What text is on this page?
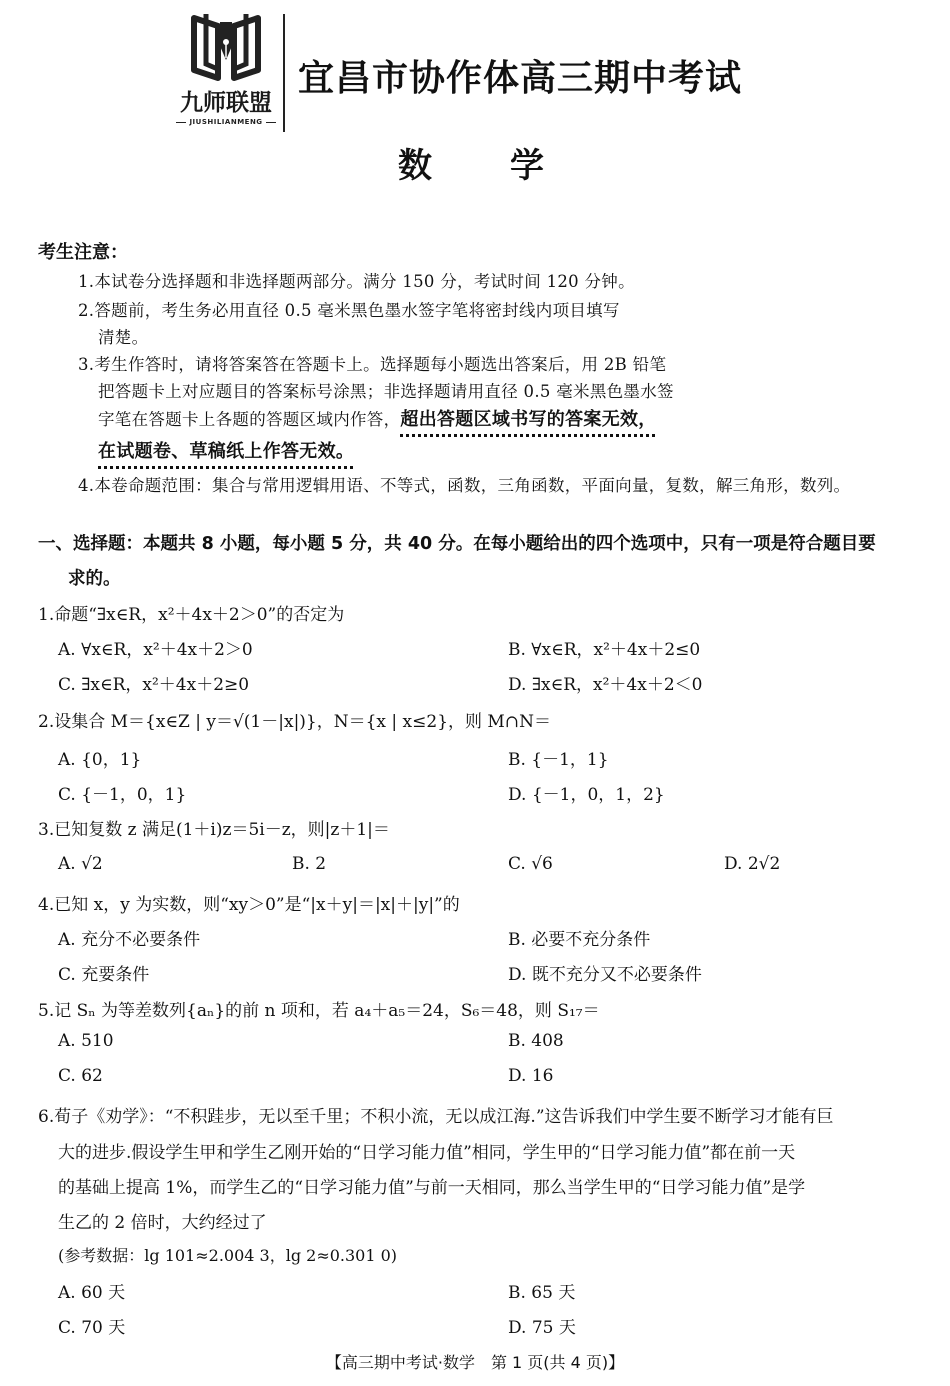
九师联盟
JIUSHILIANMENG
宜昌市协作体高三期中考试
数 学
考生注意：
1.本试卷分选择题和非选择题两部分。满分 150 分，考试时间 120 分钟。
2.答题前，考生务必用直径 0.5 毫米黑色墨水签字笔将密封线内项目填写
清楚。
3.考生作答时，请将答案答在答题卡上。选择题每小题选出答案后，用 2B 铅笔
把答题卡上对应题目的答案标号涂黑；非选择题请用直径 0.5 毫米黑色墨水签
字笔在答题卡上各题的答题区域内作答，超出答题区域书写的答案无效，
在试题卷、草稿纸上作答无效。
4.本卷命题范围：集合与常用逻辑用语、不等式，函数，三角函数，平面向量，复数，解三角形，数列。
一、选择题：本题共 8 小题，每小题 5 分，共 40 分。在每小题给出的四个选项中，只有一项是符合题目要
求的。
1.命题“∃x∈R，x²＋4x＋2＞0”的否定为
A. ∀x∈R，x²＋4x＋2＞0	B. ∀x∈R，x²＋4x＋2≤0
C. ∃x∈R，x²＋4x＋2≥0	D. ∃x∈R，x²＋4x＋2＜0
2.设集合 M＝{x∈Z | y＝√(1－|x|)}，N＝{x | x≤2}，则 M∩N＝
A. {0，1}	B. {－1，1}
C. {－1，0，1}	D. {－1，0，1，2}
3.已知复数 z 满足(1＋i)z＝5i－z，则|z＋1|＝
A. √2	B. 2	C. √6	D. 2√2
4.已知 x，y 为实数，则“xy＞0”是“|x＋y|＝|x|＋|y|”的
A. 充分不必要条件	B. 必要不充分条件
C. 充要条件	D. 既不充分又不必要条件
5.记 Sₙ 为等差数列{aₙ}的前 n 项和，若 a₄＋a₅＝24，S₆＝48，则 S₁₇＝
A. 510	B. 408
C. 62	D. 16
6.荀子《劝学》：“不积跬步，无以至千里；不积小流，无以成江海.”这告诉我们中学生要不断学习才能有巨
大的进步.假设学生甲和学生乙刚开始的“日学习能力值”相同，学生甲的“日学习能力值”都在前一天
的基础上提高 1%，而学生乙的“日学习能力值”与前一天相同，那么当学生甲的“日学习能力值”是学
生乙的 2 倍时，大约经过了
(参考数据：lg 101≈2.004 3，lg 2≈0.301 0)
A. 60 天	B. 65 天
C. 70 天	D. 75 天
【高三期中考试·数学　第 1 页(共 4 页)】
